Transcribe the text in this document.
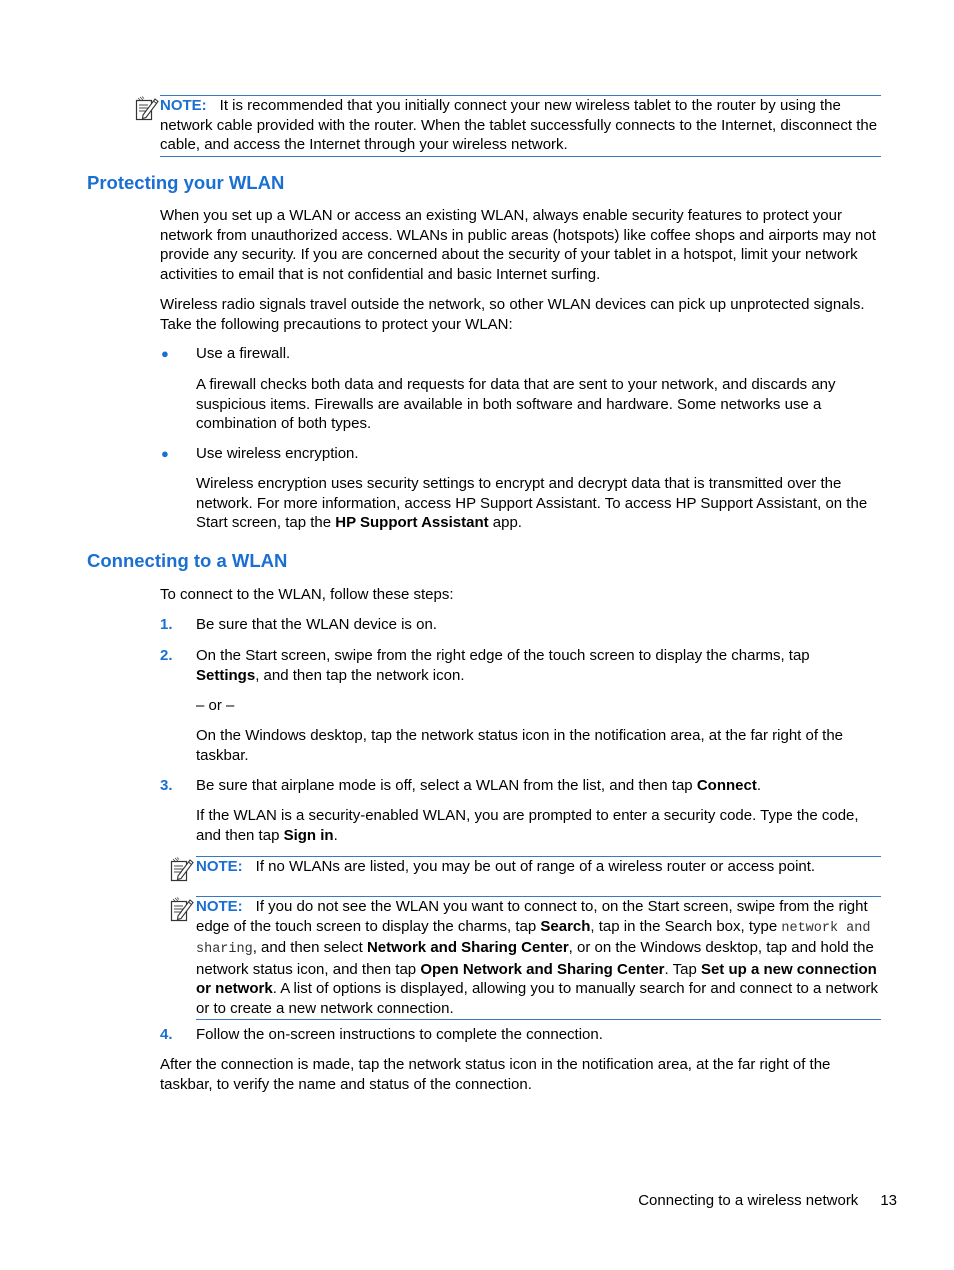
NOTE: It is recommended that you initially connect your new wireless tablet to the router by using the network cable provided with the router. When the tablet successfully connects to the Internet, disconnect the cable, and access the Internet through your wireless network.

Protecting your WLAN

When you set up a WLAN or access an existing WLAN, always enable security features to protect your network from unauthorized access. WLANs in public areas (hotspots) like coffee shops and airports may not provide any security. If you are concerned about the security of your tablet in a hotspot, limit your network activities to email that is not confidential and basic Internet surfing.

Wireless radio signals travel outside the network, so other WLAN devices can pick up unprotected signals. Take the following precautions to protect your WLAN:

● Use a firewall.

A firewall checks both data and requests for data that are sent to your network, and discards any suspicious items. Firewalls are available in both software and hardware. Some networks use a combination of both types.

● Use wireless encryption.

Wireless encryption uses security settings to encrypt and decrypt data that is transmitted over the network. For more information, access HP Support Assistant. To access HP Support Assistant, on the Start screen, tap the HP Support Assistant app.

Connecting to a WLAN

To connect to the WLAN, follow these steps:

1. Be sure that the WLAN device is on.

2. On the Start screen, swipe from the right edge of the touch screen to display the charms, tap Settings, and then tap the network icon.

– or –

On the Windows desktop, tap the network status icon in the notification area, at the far right of the taskbar.

3. Be sure that airplane mode is off, select a WLAN from the list, and then tap Connect.

If the WLAN is a security-enabled WLAN, you are prompted to enter a security code. Type the code, and then tap Sign in.

NOTE: If no WLANs are listed, you may be out of range of a wireless router or access point.

NOTE: If you do not see the WLAN you want to connect to, on the Start screen, swipe from the right edge of the touch screen to display the charms, tap Search, tap in the Search box, type network and sharing, and then select Network and Sharing Center, or on the Windows desktop, tap and hold the network status icon, and then tap Open Network and Sharing Center. Tap Set up a new connection or network. A list of options is displayed, allowing you to manually search for and connect to a network or to create a new network connection.

4. Follow the on-screen instructions to complete the connection.

After the connection is made, tap the network status icon in the notification area, at the far right of the taskbar, to verify the name and status of the connection.

Connecting to a wireless network 13
